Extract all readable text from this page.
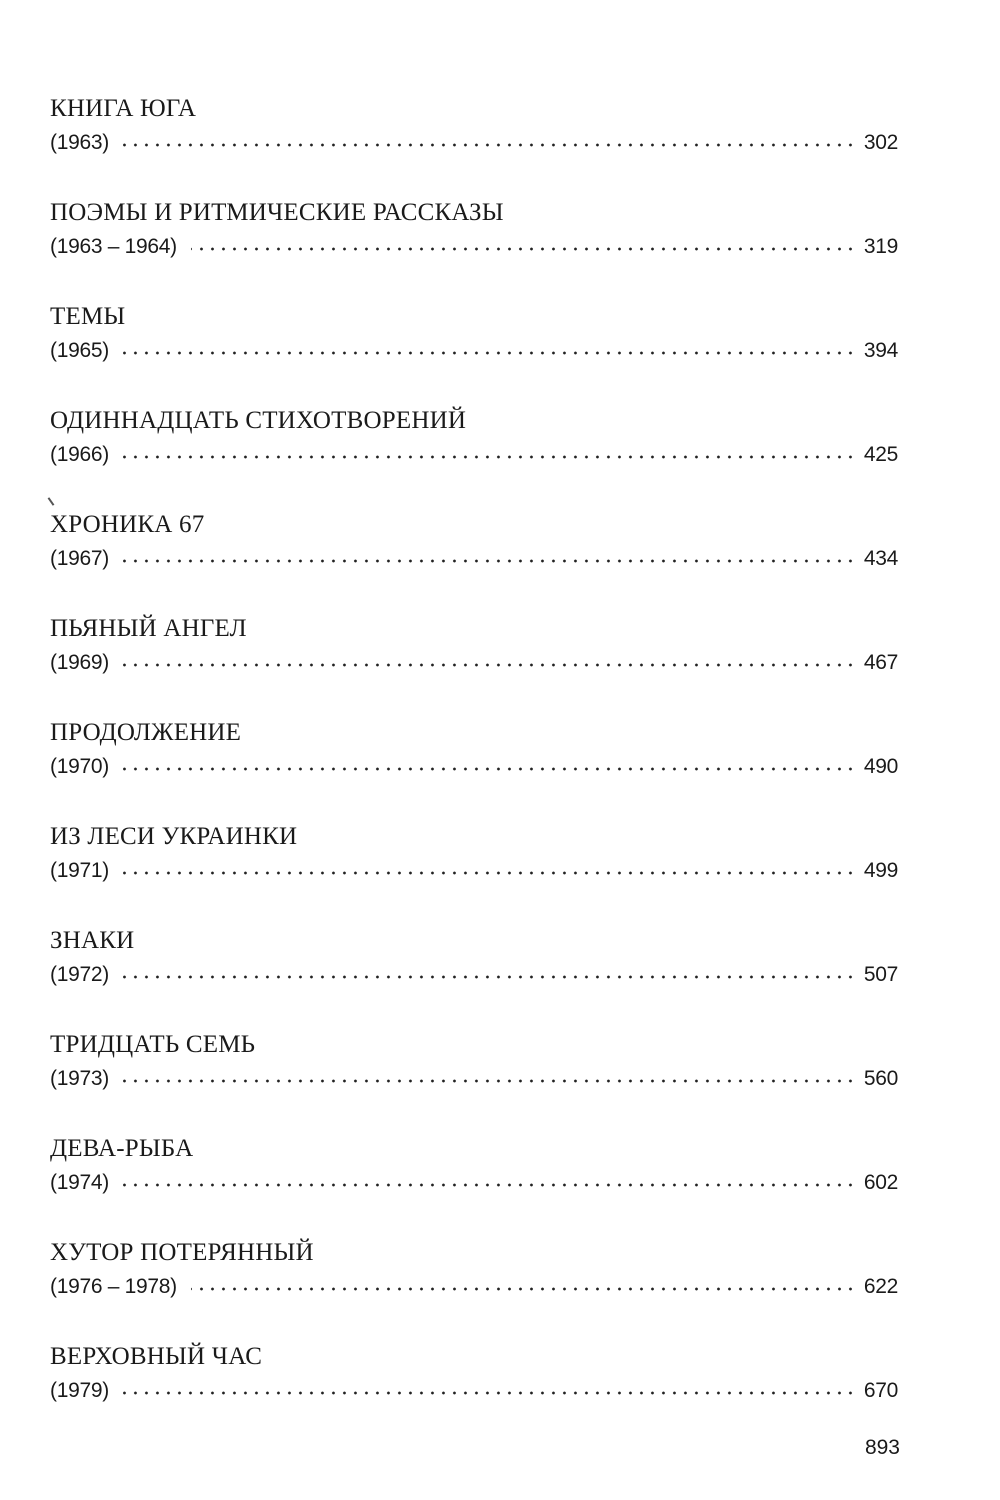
КНИГА ЮГА
(1963)	302
ПОЭМЫ И РИТМИЧЕСКИЕ РАССКАЗЫ
(1963 – 1964)	319
ТЕМЫ
(1965)	394
ОДИННАДЦАТЬ СТИХОТВОРЕНИЙ
(1966)	425
ХРОНИКА 67
(1967)	434
ПЬЯНЫЙ АНГЕЛ
(1969)	467
ПРОДОЛЖЕНИЕ
(1970)	490
ИЗ ЛЕСИ УКРАИНКИ
(1971)	499
ЗНАКИ
(1972)	507
ТРИДЦАТЬ СЕМЬ
(1973)	560
ДЕВА-РЫБА
(1974)	602
ХУТОР ПОТЕРЯННЫЙ
(1976 – 1978)	622
ВЕРХОВНЫЙ ЧАС
(1979)	670
893
